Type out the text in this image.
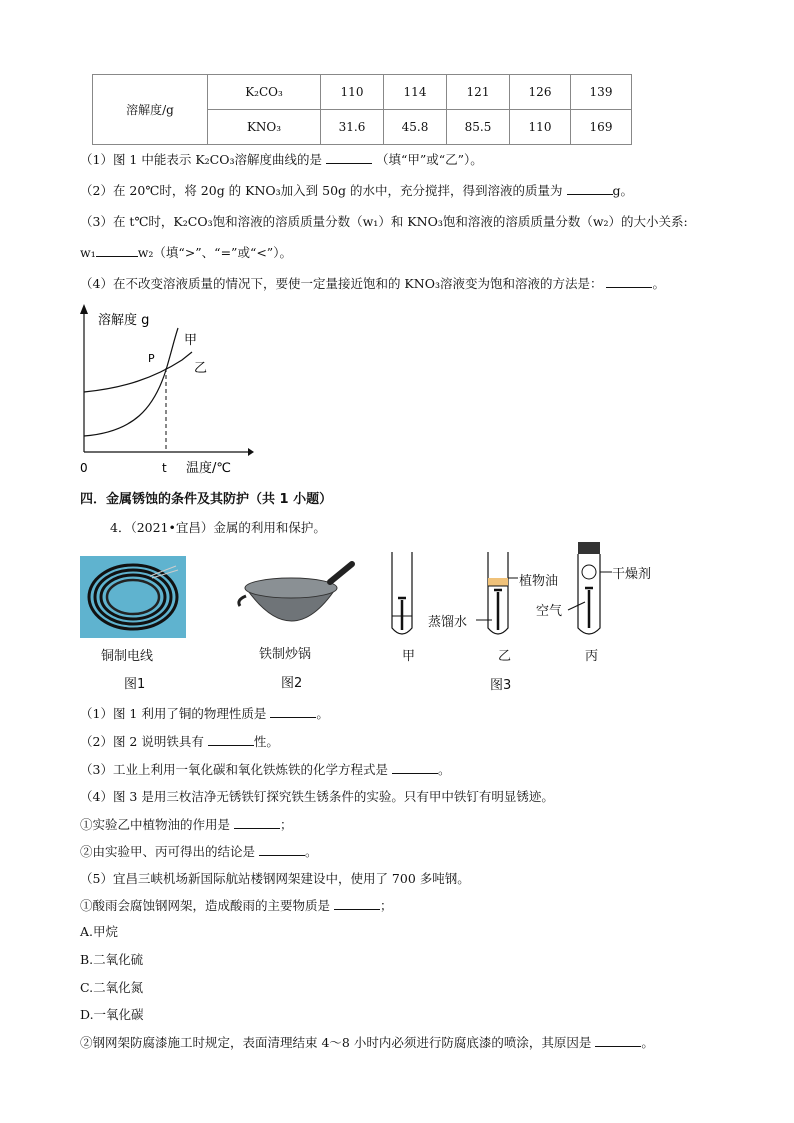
溶解度/g	K₂CO₃	110	114	121	126	139
	KNO₃	31.6	45.8	85.5	110	169
（1）图 1 中能表示 K₂CO₃溶解度曲线的是	（填“甲”或“乙”）。
（2）在 20℃时，将 20g 的 KNO₃加入到 50g 的水中，充分搅拌，得到溶液的质量为	g。
（3）在 t℃时，K₂CO₃饱和溶液的溶质质量分数（w₁）和 KNO₃饱和溶液的溶质质量分数（w₂）的大小关系:
w₁	w₂（填“>”、“=”或“<”）。
（4）在不改变溶液质量的情况下，要使一定量接近饱和的 KNO₃溶液变为饱和溶液的方法是：	。
溶解度 g
0	t 温度/℃
P
甲
乙
四．金属锈蚀的条件及其防护（共 1 小题）
4．（2021•宜昌）金属的利用和保护。
铜制电线
图1
铁制炒锅
图2
植物油	干燥剂
空气
蒸馏水
甲	乙	丙
图3
（1）图 1 利用了铜的物理性质是	。
（2）图 2 说明铁具有	性。
（3）工业上利用一氧化碳和氧化铁炼铁的化学方程式是	。
（4）图 3 是用三枚洁净无锈铁钉探究铁生锈条件的实验。只有甲中铁钉有明显锈迹。
①实验乙中植物油的作用是	；
②由实验甲、丙可得出的结论是	。
（5）宜昌三峡机场新国际航站楼钢网架建设中，使用了 700 多吨钢。
①酸雨会腐蚀钢网架，造成酸雨的主要物质是	；
A.甲烷
B.二氧化硫
C.二氧化氮
D.一氧化碳
②钢网架防腐漆施工时规定，表面清理结束 4～8 小时内必须进行防腐底漆的喷涂，其原因是	。
